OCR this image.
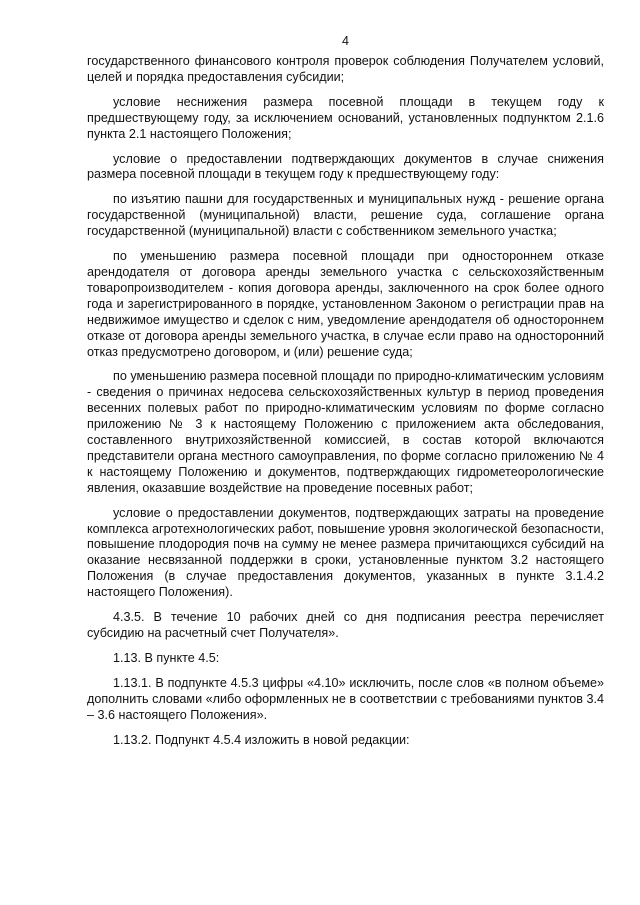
4

государственного финансового контроля проверок соблюдения Получателем условий, целей и порядка предоставления субсидии;

условие неснижения размера посевной площади в текущем году к предшествующему году, за исключением оснований, установленных подпунктом 2.1.6 пункта 2.1 настоящего Положения;

условие о предоставлении подтверждающих документов в случае снижения размера посевной площади в текущем году к предшествующему году:

по изъятию пашни для государственных и муниципальных нужд - решение органа государственной (муниципальной) власти, решение суда, соглашение органа государственной (муниципальной) власти с собственником земельного участка;

по уменьшению размера посевной площади при одностороннем отказе арендодателя от договора аренды земельного участка с сельскохозяйственным товаропроизводителем - копия договора аренды, заключенного на срок более одного года и зарегистрированного в порядке, установленном Законом о регистрации прав на недвижимое имущество и сделок с ним, уведомление арендодателя об одностороннем отказе от договора аренды земельного участка, в случае если право на односторонний отказ предусмотрено договором, и (или) решение суда;

по уменьшению размера посевной площади по природно-климатическим условиям - сведения о причинах недосева сельскохозяйственных культур в период проведения весенних полевых работ по природно-климатическим условиям по форме согласно приложению № 3 к настоящему Положению с приложением акта обследования, составленного внутрихозяйственной комиссией, в состав которой включаются представители органа местного самоуправления, по форме согласно приложению № 4 к настоящему Положению и документов, подтверждающих гидрометеорологические явления, оказавшие воздействие на проведение посевных работ;

условие о предоставлении документов, подтверждающих затраты на проведение комплекса агротехнологических работ, повышение уровня экологической безопасности, повышение плодородия почв на сумму не менее размера причитающихся субсидий на оказание несвязанной поддержки в сроки, установленные пунктом 3.2 настоящего Положения (в случае предоставления документов, указанных в пункте 3.1.4.2 настоящего Положения).

4.3.5. В течение 10 рабочих дней со дня подписания реестра перечисляет субсидию на расчетный счет Получателя».

1.13. В пункте 4.5:

1.13.1. В подпункте 4.5.3 цифры «4.10» исключить, после слов «в полном объеме» дополнить словами «либо оформленных не в соответствии с требованиями пунктов 3.4 – 3.6 настоящего Положения».

1.13.2. Подпункт 4.5.4 изложить в новой редакции:
